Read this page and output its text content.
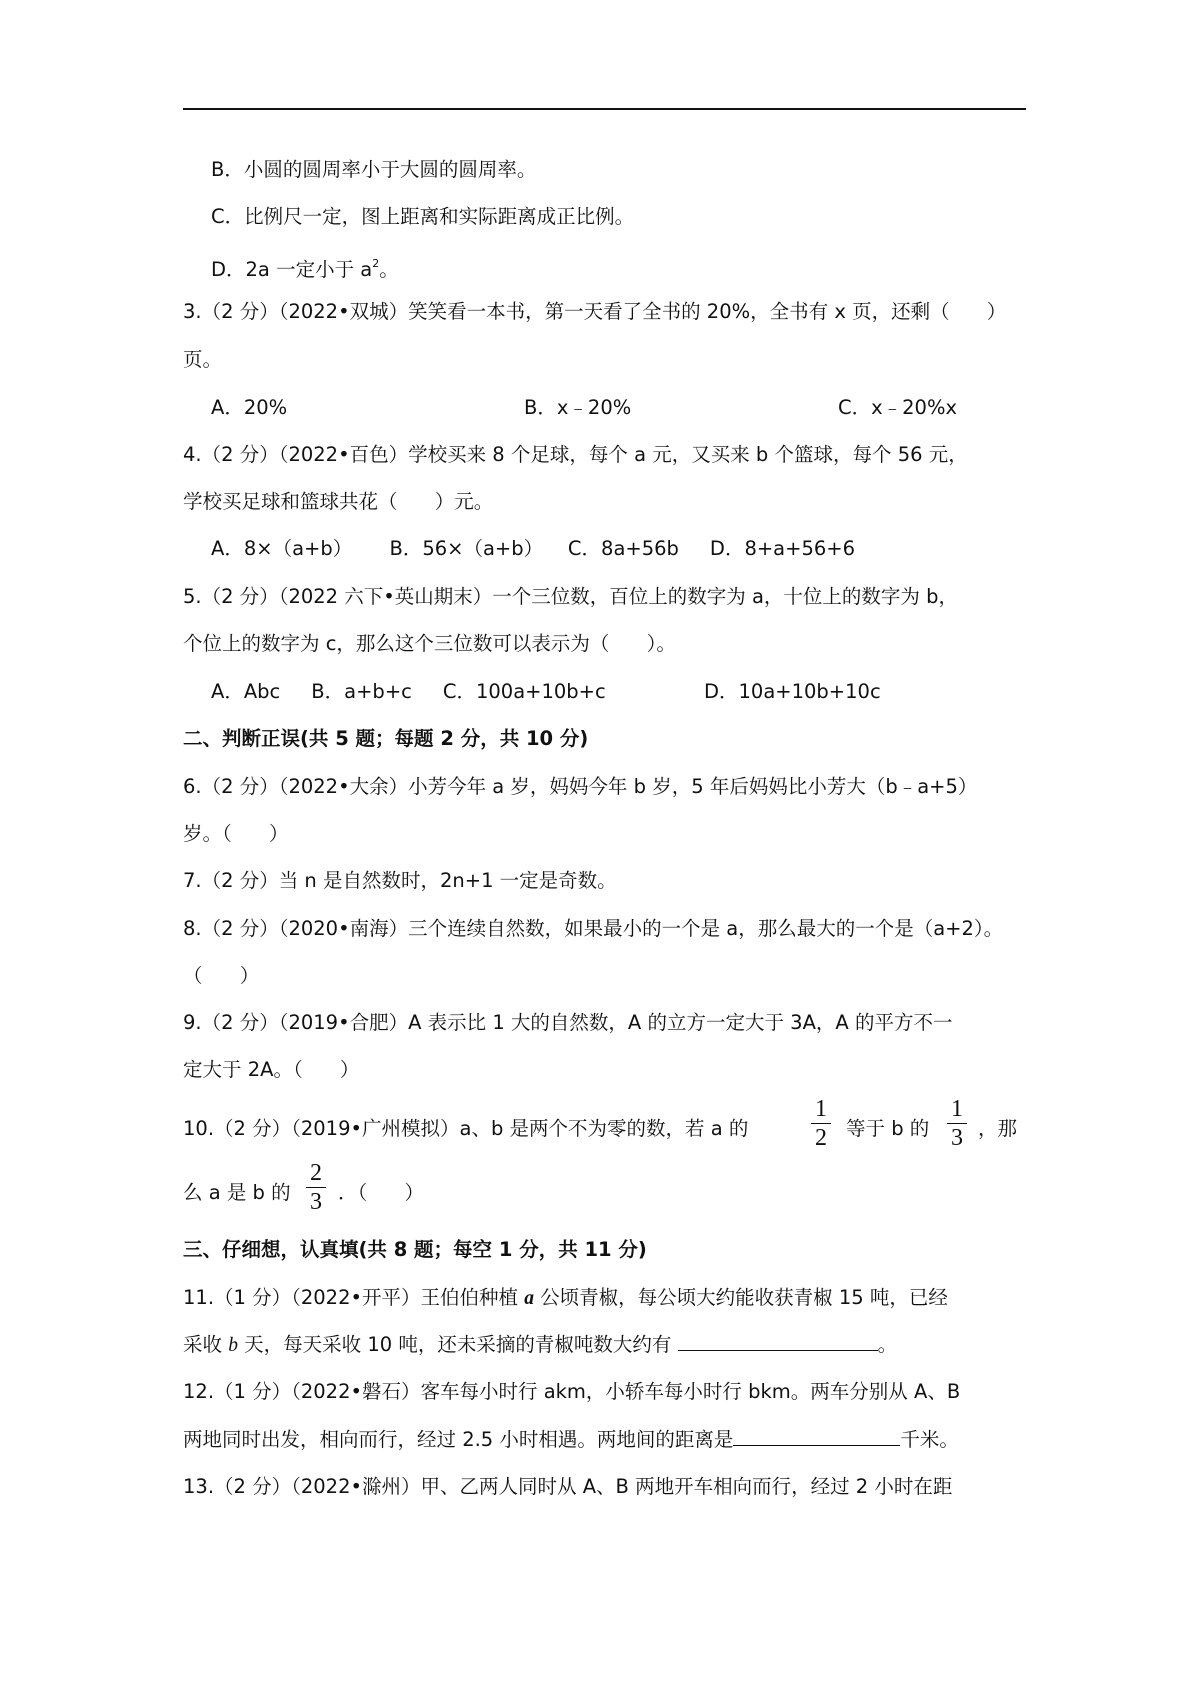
B．小圆的圆周率小于大圆的圆周率。
C．比例尺一定，图上距离和实际距离成正比例。
D．2a 一定小于 $a^2$。
3.（2 分）（2022•双城）笑笑看一本书，第一天看了全书的 20%，全书有 x 页，还剩（      ）
页。
A．20%	B．x﹣20%	C．x﹣20%x
4.（2 分）（2022•百色）学校买来 8 个足球，每个 a 元，又买来 b 个篮球，每个 56 元，
学校买足球和篮球共花（      ）元。
A．8×（a+b）      B．56×（a+b）    C．8a+56b     D．8+a+56+6
5.（2 分）（2022 六下•英山期末）一个三位数，百位上的数字为 a，十位上的数字为 b，
个位上的数字为 c，那么这个三位数可以表示为（      ）。
A．Abc     B．a+b+c     C．100a+10b+c	D．10a+10b+10c
二、判断正误(共 5 题；每题 2 分，共 10 分)
6.（2 分）（2022•大余）小芳今年 a 岁，妈妈今年 b 岁，5 年后妈妈比小芳大（b﹣a+5）
岁。（      ）
7.（2 分）当 n 是自然数时，2n+1 一定是奇数。
8.（2 分）（2020•南海）三个连续自然数，如果最小的一个是 a，那么最大的一个是（a+2）。
（      ）
9.（2 分）（2019•合肥）A 表示比 1 大的自然数，A 的立方一定大于 3A，A 的平方不一
定大于 2A。（      ）
10.（2 分）（2019•广州模拟）a、b 是两个不为零的数，若 a 的
1
2 等于 b 的
1
3 ，那
么 a 是 b 的
2
3 ．（      ）
三、仔细想，认真填(共 8 题；每空 1 分，共 11 分)
11.（1 分）（2022•开平）王伯伯种植 a 公顷青椒，每公顷大约能收获青椒 15 吨，已经
采收 b 天，每天采收 10 吨，还未采摘的青椒吨数大约有	。
12.（1 分）（2022•磐石）客车每小时行 akm，小轿车每小时行 bkm。两车分别从 A、B
两地同时出发，相向而行，经过 2.5 小时相遇。两地间的距离是	千米。
13.（2 分）（2022•滁州）甲、乙两人同时从 A、B 两地开车相向而行，经过 2 小时在距
